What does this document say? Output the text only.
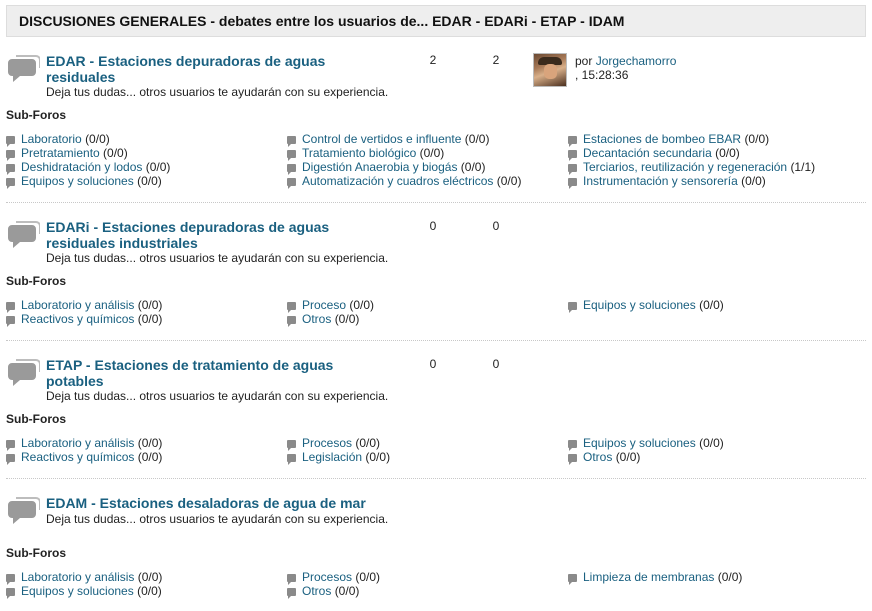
DISCUSIONES GENERALES - debates entre los usuarios de... EDAR - EDARi - ETAP - IDAM
EDAR - Estaciones depuradoras de aguas
residuales
Deja tus dudas... otros usuarios te ayudarán con su experiencia.
2	2	por Jorgechamorro
, 15:28:36
Sub-Foros
Laboratorio (0/0)
Pretratamiento (0/0)
Deshidratación y lodos (0/0)
Equipos y soluciones (0/0)
Control de vertidos e influente (0/0)
Tratamiento biológico (0/0)
Digestión Anaerobia y biogás (0/0)
Automatización y cuadros eléctricos (0/0)
Estaciones de bombeo EBAR (0/0)
Decantación secundaria (0/0)
Terciarios, reutilización y regeneración (1/1)
Instrumentación y sensorería (0/0)
EDARi - Estaciones depuradoras de aguas
residuales industriales
Deja tus dudas... otros usuarios te ayudarán con su experiencia.
0	0
Sub-Foros
Laboratorio y análisis (0/0)
Reactivos y químicos (0/0)
Proceso (0/0)
Otros (0/0)
Equipos y soluciones (0/0)
ETAP - Estaciones de tratamiento de aguas
potables
Deja tus dudas... otros usuarios te ayudarán con su experiencia.
0	0
Sub-Foros
Laboratorio y análisis (0/0)
Reactivos y químicos (0/0)
Procesos (0/0)
Legislación (0/0)
Equipos y soluciones (0/0)
Otros (0/0)
EDAM - Estaciones desaladoras de agua de mar
Deja tus dudas... otros usuarios te ayudarán con su experiencia.
Sub-Foros
Laboratorio y análisis (0/0)
Equipos y soluciones (0/0)
Procesos (0/0)
Otros (0/0)
Limpieza de membranas (0/0)
